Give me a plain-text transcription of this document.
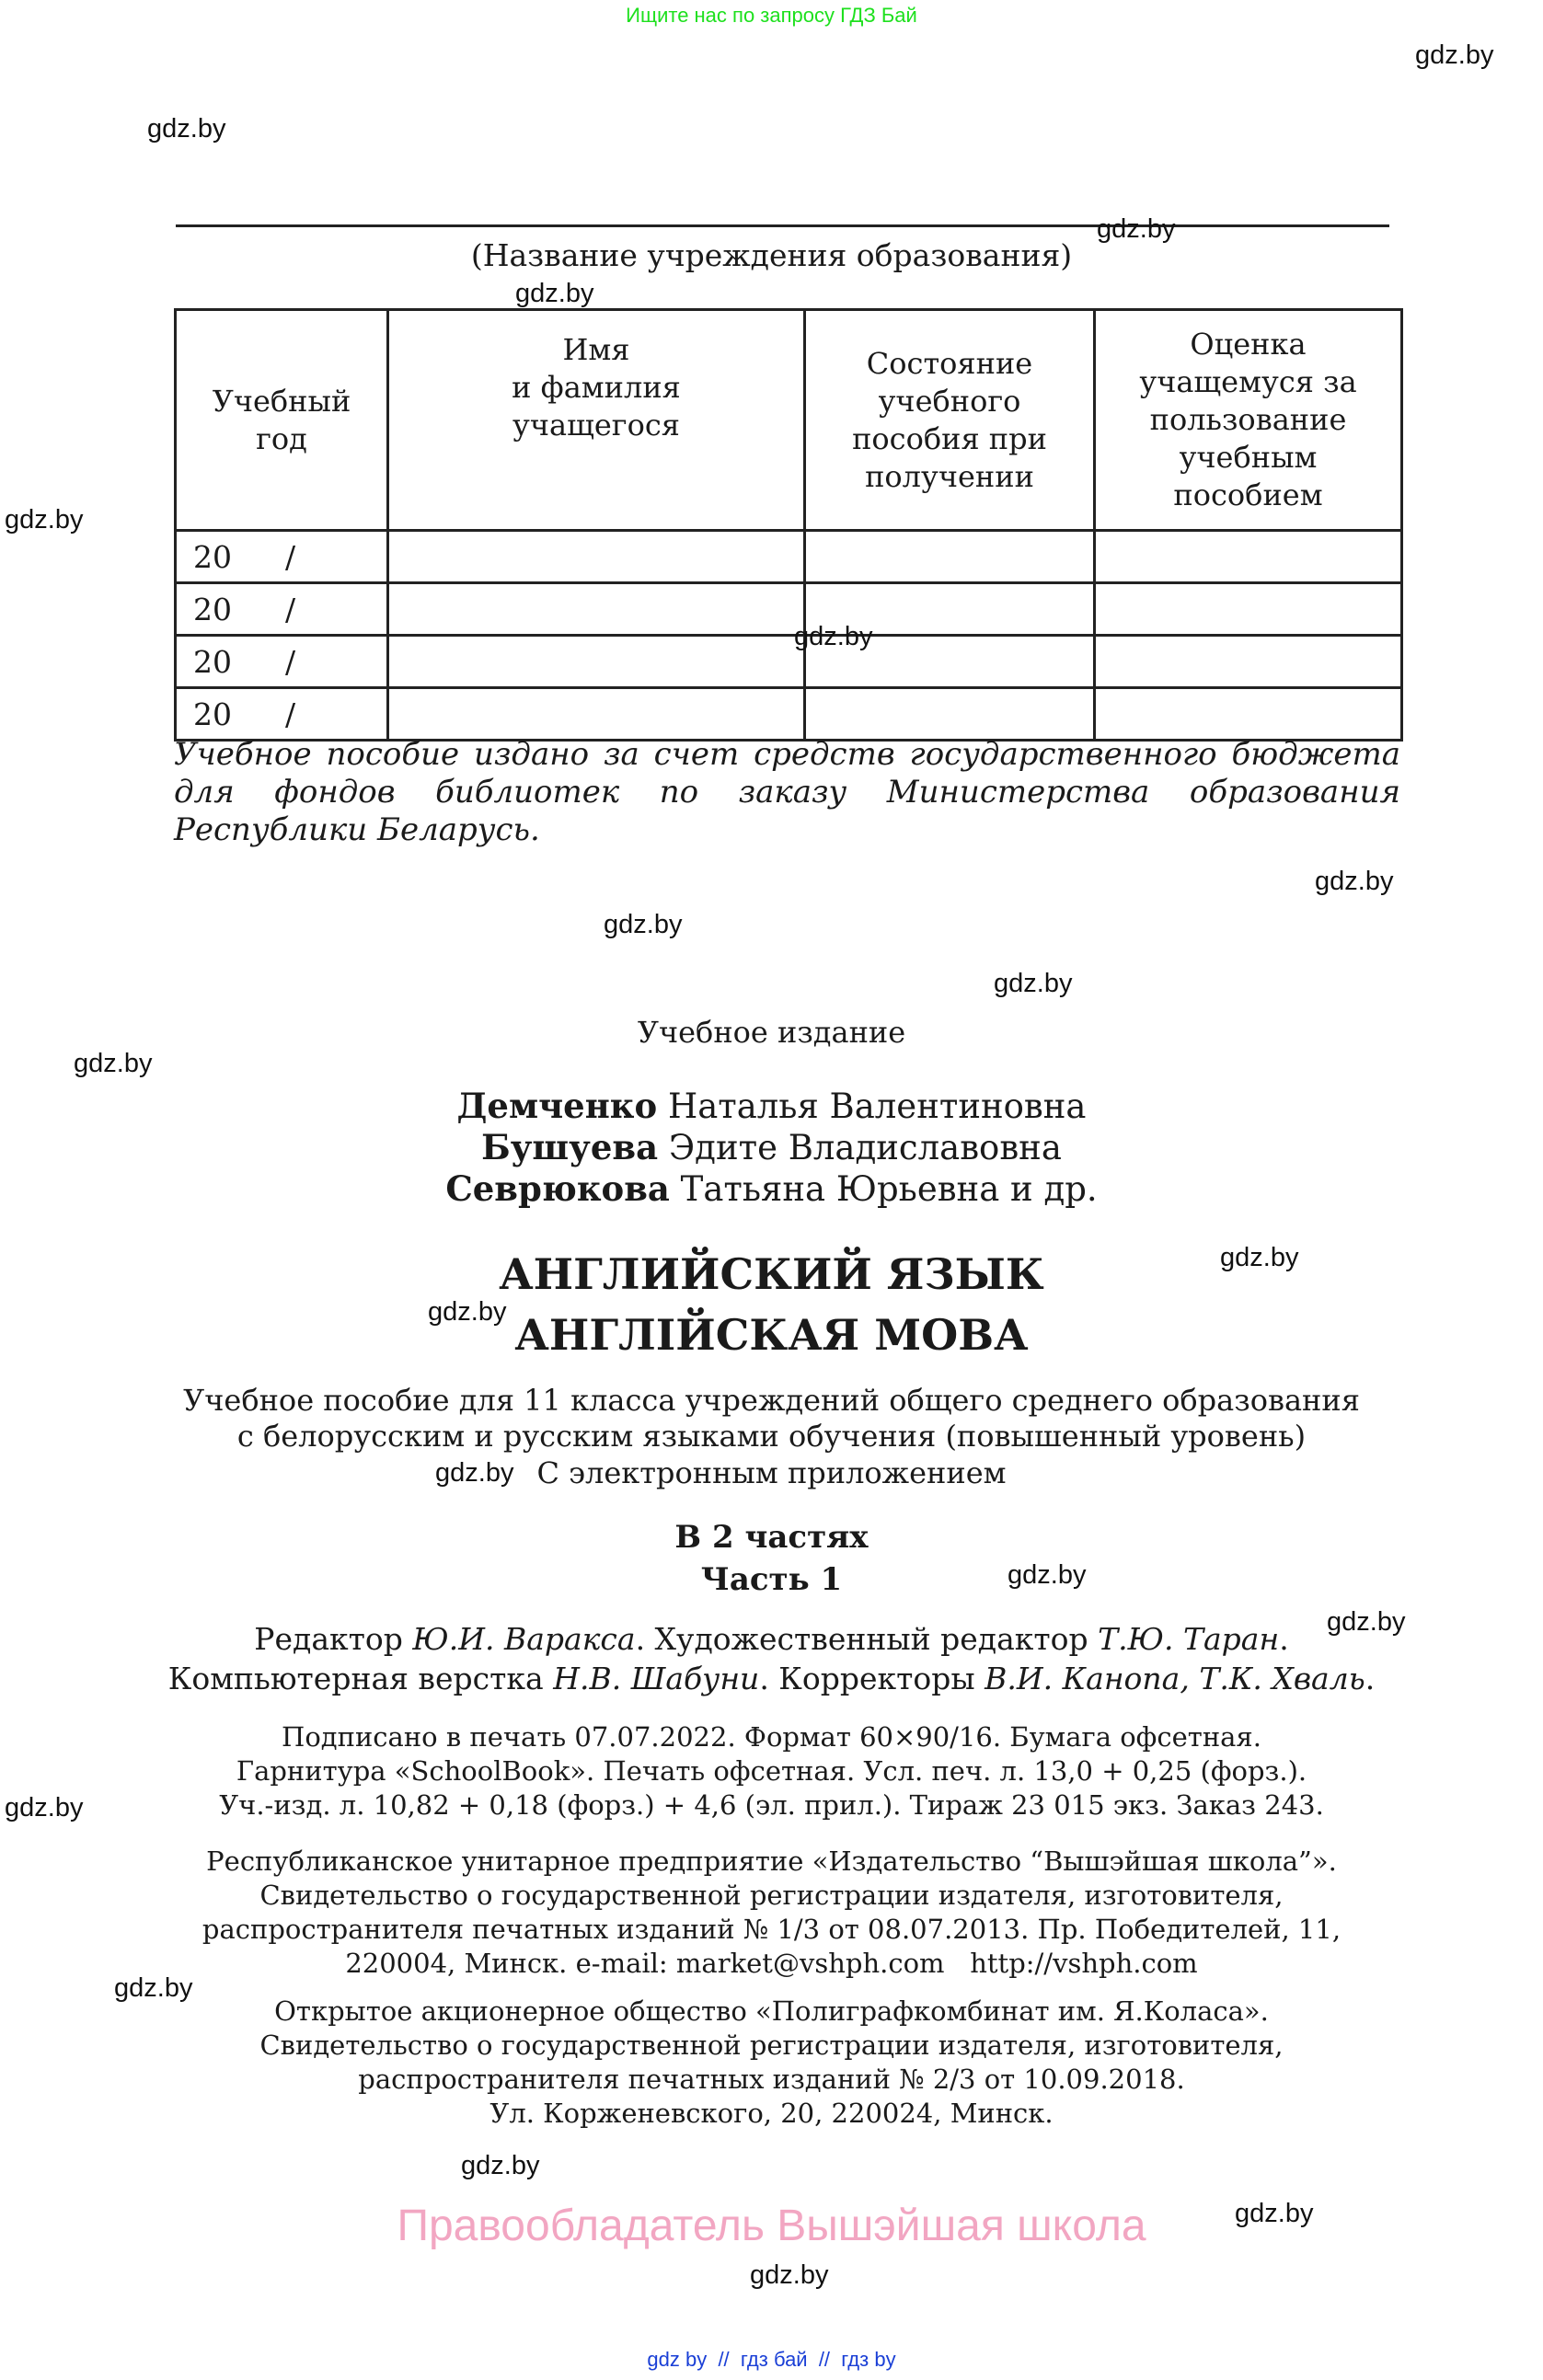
Ищите нас по запросу ГДЗ Бай
(Название учреждения образования)
Учебный
год	Имя
и фамилия
учащегося	Состояние
учебного
пособия при
получении	Оценка
учащемуся за
пользование
учебным
пособием
20 /			
20 /			
20 /			
20 /			
Учебное пособие издано за счет средств государственного бюджета для фондов библиотек по заказу Министерства образования Республики Беларусь.
Учебное издание
Демченко Наталья Валентиновна
Бушуева Эдите Владиславовна
Севрюкова Татьяна Юрьевна и др.
АНГЛИЙСКИЙ ЯЗЫК
АНГЛІЙСКАЯ МОВА
Учебное пособие для 11 класса учреждений общего среднего образования
с белорусским и русским языками обучения (повышенный уровень)
С электронным приложением
В 2 частях
Часть 1
Редактор Ю.И. Варакса. Художественный редактор Т.Ю. Таран.
Компьютерная верстка Н.В. Шабуни. Корректоры В.И. Канопа, Т.К. Хваль.
Подписано в печать 07.07.2022. Формат 60×90/16. Бумага офсетная.
Гарнитура «SchoolBook». Печать офсетная. Усл. печ. л. 13,0 + 0,25 (форз.).
Уч.-изд. л. 10,82 + 0,18 (форз.) + 4,6 (эл. прил.). Тираж 23 015 экз. Заказ 243.
Республиканское унитарное предприятие «Издательство “Вышэйшая школа”».
Свидетельство о государственной регистрации издателя, изготовителя,
распространителя печатных изданий № 1/3 от 08.07.2013. Пр. Победителей, 11,
220004, Минск. e-mail: market@vshph.com   http://vshph.com
Открытое акционерное общество «Полиграфкомбинат им. Я.Коласа».
Свидетельство о государственной регистрации издателя, изготовителя,
распространителя печатных изданий № 2/3 от 10.09.2018.
Ул. Корженевского, 20, 220024, Минск.
Правообладатель Вышэйшая школа
gdz by  //  гдз бай  //  гдз by
gdz.by
gdz.by
gdz.by
gdz.by
gdz.by
gdz.by
gdz.by
gdz.by
gdz.by
gdz.by
gdz.by
gdz.by
gdz.by
gdz.by
gdz.by
gdz.by
gdz.by
gdz.by
gdz.by
gdz.by
